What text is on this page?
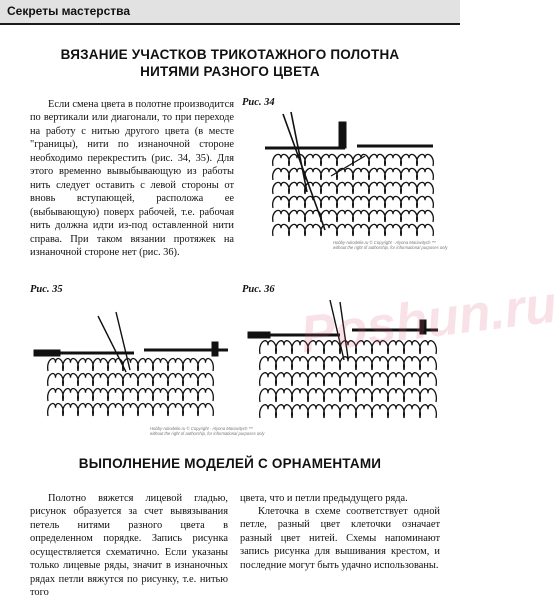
Секреты мастерства
ВЯЗАНИЕ УЧАСТКОВ ТРИКОТАЖНОГО ПОЛОТНА
НИТЯМИ РАЗНОГО ЦВЕТА

Если смена цвета в полотне производится по вертикали или диагонали, то при переходе на работу с нитью другого цвета (в месте "границы), нити по изнаночной стороне необходимо перекрестить (рис. 34, 35). Для этого временно вывыбывающую из работы нить следует оставить с левой стороны от вновь вступающей, расположа ее (выбывающую) поверх рабочей, т.е. рабочая нить должна идти из-под оставленной нити справа. При таком вязании протяжек на изнаночной стороне нет (рис. 36).

Рис. 34
Hobby-rukodelie.ru © Copyright - Alyona Mariavitych ™
without the right of authorship, for informational purposes only
Рис. 35	Рис. 36
Hobby-rukodelie.ru © Copyright - Alyona Mariavitych ™
without the right of authorship, for informational purposes only
Poshun.ru
ВЫПОЛНЕНИЕ МОДЕЛЕЙ С ОРНАМЕНТАМИ

Полотно вяжется лицевой гладью, рисунок образуется за счет вывязывания петель нитями разного цвета в определенном порядке. Запись рисунка осуществляется схематично. Если указаны только лицевые ряды, значит в изнаночных рядах петли вяжутся по рисунку, т.е. нитью того

цвета, что и петли предыдущего ряда.

Клеточка в схеме соответствует одной петле, разный цвет клеточки означает разный цвет нитей. Схемы напоминают запись рисунка для вышивания крестом, и последние могут быть удачно использованы.
